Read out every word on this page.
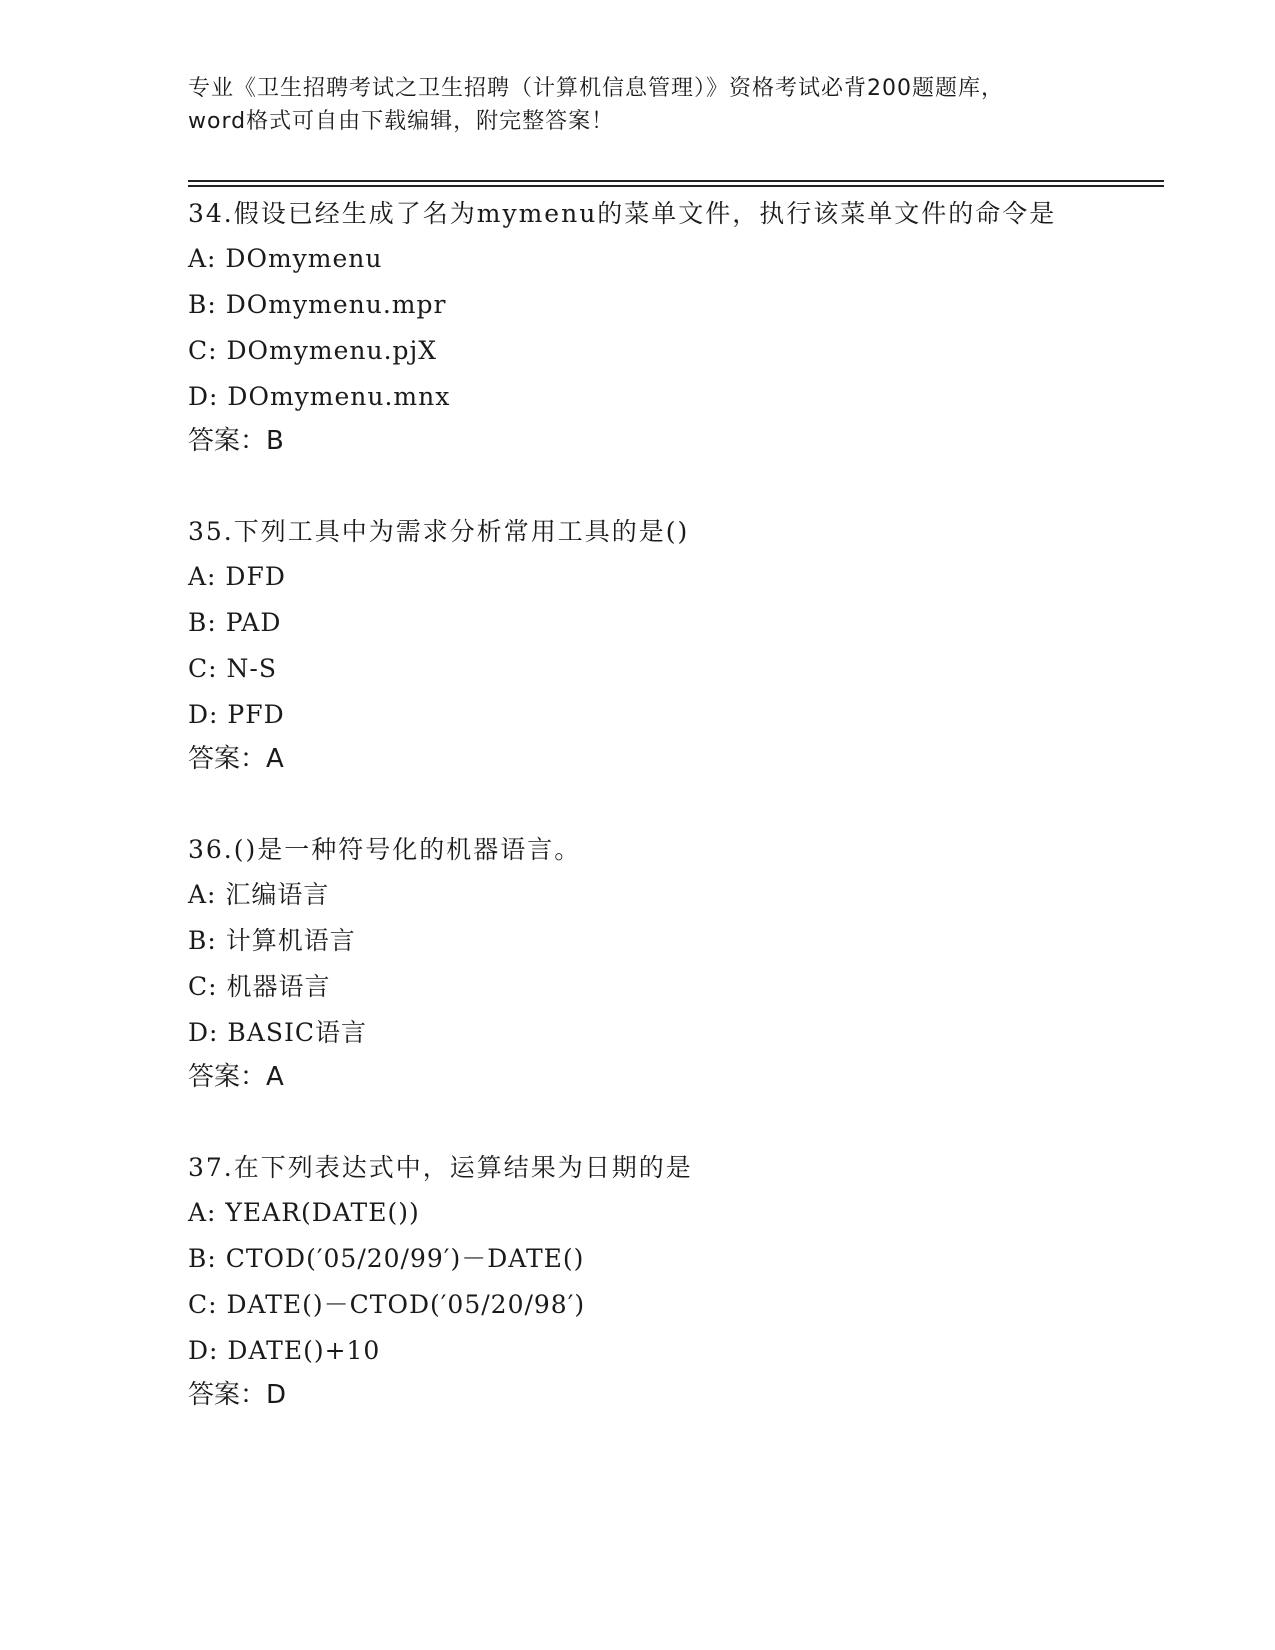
专业《卫生招聘考试之卫生招聘（计算机信息管理）》资格考试必背200题题库，

word格式可自由下载编辑，附完整答案！

34.假设已经生成了名为mymenu的菜单文件，执行该菜单文件的命令是

A: DOmymenu

B: DOmymenu.mpr

C: DOmymenu.pjX

D: DOmymenu.mnx

答案：B

35.下列工具中为需求分析常用工具的是()

A: DFD

B: PAD

C: N-S

D: PFD

答案：A

36.()是一种符号化的机器语言。

A: 汇编语言

B: 计算机语言

C: 机器语言

D: BASIC语言

答案：A

37.在下列表达式中，运算结果为日期的是

A: YEAR(DATE())

B: CTOD(′05/20/99′)－DATE()

C: DATE()－CTOD(′05/20/98′)

D: DATE()+10

答案：D
